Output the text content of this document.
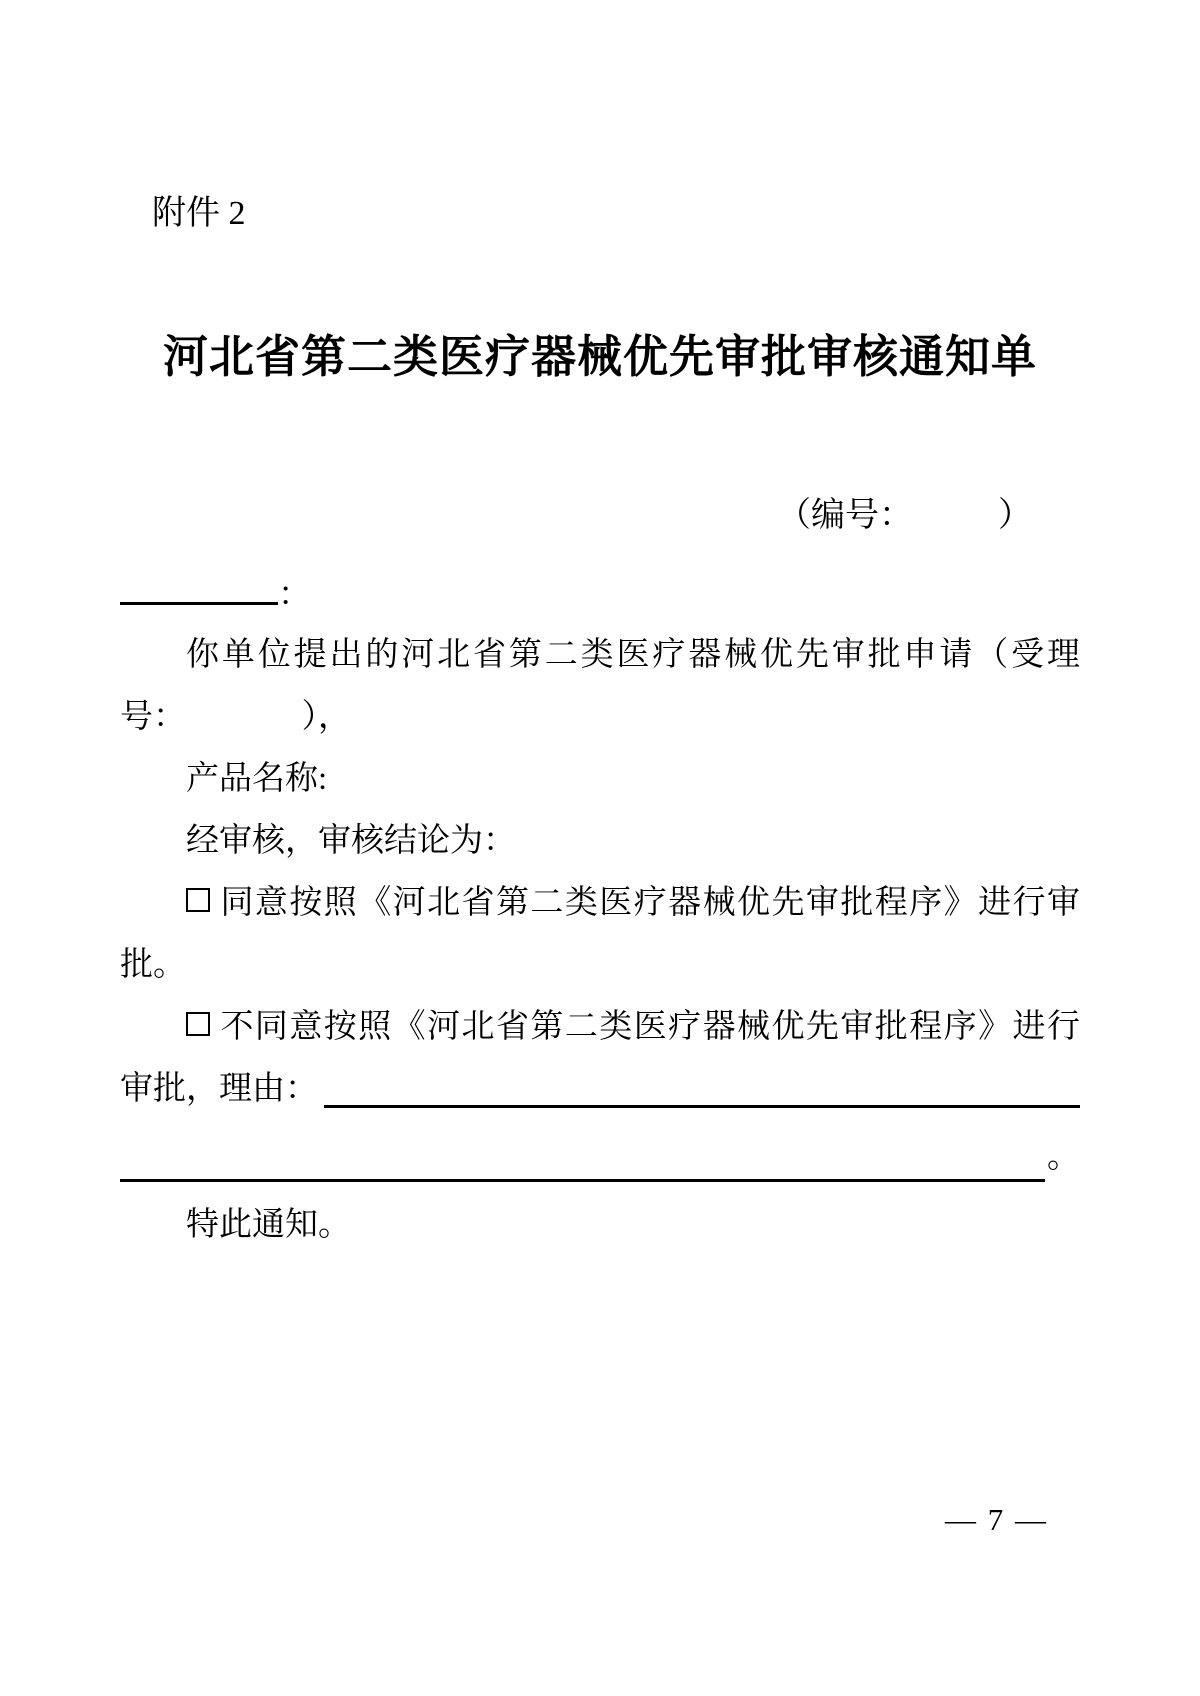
附件 2
河北省第二类医疗器械优先审批审核通知单
（编号：　　　）
：
你单位提出的河北省第二类医疗器械优先审批申请（受理
号：　　　　），
产品名称:
经审核，审核结论为：
同意按照《河北省第二类医疗器械优先审批程序》进行审
批。
不同意按照《河北省第二类医疗器械优先审批程序》进行
审批，理由：
。
特此通知。
— 7 —
